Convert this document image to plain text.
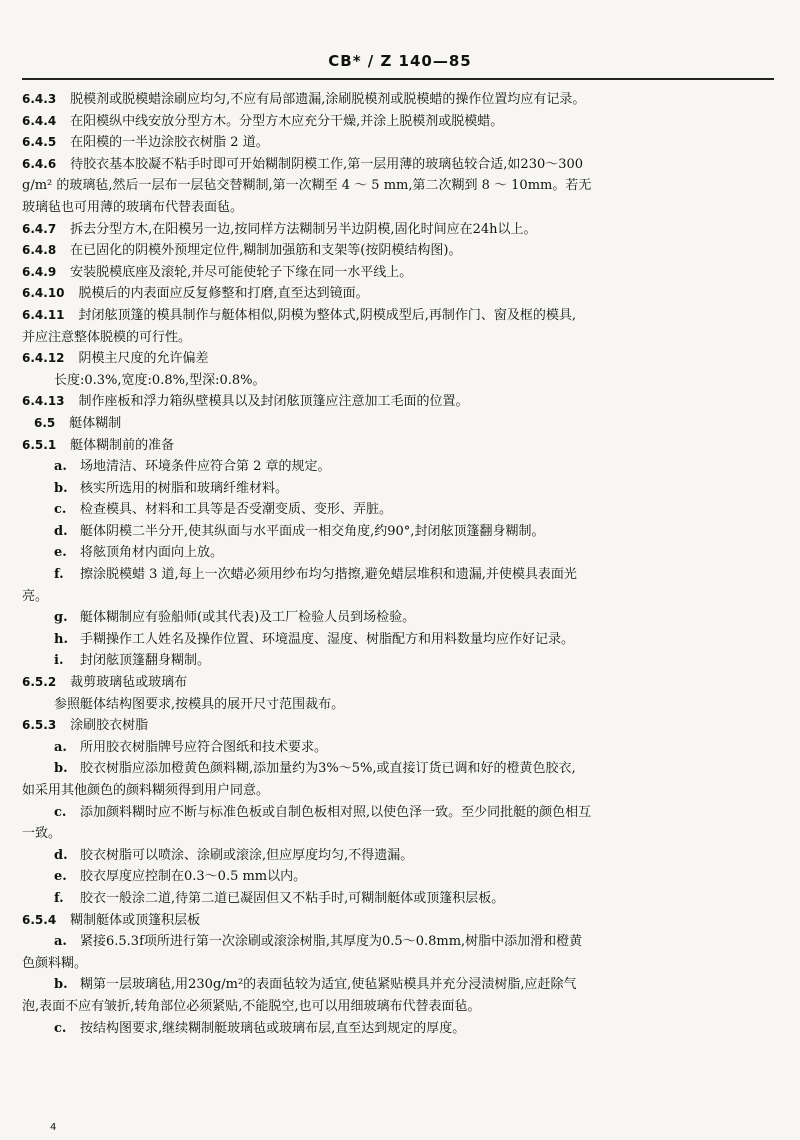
CB* / Z 140—85
6.4.3 脱模剂或脱模蜡涂刷应均匀,不应有局部遗漏,涂刷脱模剂或脱模蜡的操作位置均应有记录。
6.4.4 在阳模纵中线安放分型方木。分型方木应充分干燥,并涂上脱模剂或脱模蜡。
6.4.5 在阳模的一半边涂胶衣树脂 2 道。
6.4.6 待胶衣基本胶凝不粘手时即可开始糊制阴模工作,第一层用薄的玻璃毡较合适,如230～300
g/m² 的玻璃毡,然后一层布一层毡交替糊制,第一次糊至 4 ～ 5 mm,第二次糊到 8 ～ 10mm。若无
玻璃毡也可用薄的玻璃布代替表面毡。
6.4.7 拆去分型方木,在阳模另一边,按同样方法糊制另半边阴模,固化时间应在24h以上。
6.4.8 在已固化的阴模外预埋定位件,糊制加强筋和支架等(按阴模结构图)。
6.4.9 安装脱模底座及滚轮,并尽可能使轮子下缘在同一水平线上。
6.4.10 脱模后的内表面应反复修整和打磨,直至达到镜面。
6.4.11 封闭舷顶篷的模具制作与艇体相似,阴模为整体式,阴模成型后,再制作门、窗及框的模具,
并应注意整体脱模的可行性。
6.4.12 阴模主尺度的允许偏差
长度:0.3%,宽度:0.8%,型深:0.8%。
6.4.13 制作座板和浮力箱纵壁模具以及封闭舷顶篷应注意加工毛面的位置。
6.5 艇体糊制
6.5.1 艇体糊制前的准备
a. 场地清洁、环境条件应符合第 2 章的规定。
b. 核实所选用的树脂和玻璃纤维材料。
c. 检查模具、材料和工具等是否受潮变质、变形、弄脏。
d. 艇体阴模二半分开,使其纵面与水平面成一相交角度,约90°,封闭舷顶篷翻身糊制。
e. 将舷顶角材内面向上放。
f. 擦涂脱模蜡 3 道,每上一次蜡必须用纱布均匀揩擦,避免蜡层堆积和遗漏,并使模具表面光
亮。
g. 艇体糊制应有验船师(或其代表)及工厂检验人员到场检验。
h. 手糊操作工人姓名及操作位置、环境温度、湿度、树脂配方和用料数量均应作好记录。
i. 封闭舷顶篷翻身糊制。
6.5.2 裁剪玻璃毡或玻璃布
参照艇体结构图要求,按模具的展开尺寸范围裁布。
6.5.3 涂刷胶衣树脂
a. 所用胶衣树脂牌号应符合图纸和技术要求。
b. 胶衣树脂应添加橙黄色颜料糊,添加量约为3%～5%,或直接订货已调和好的橙黄色胶衣,
如采用其他颜色的颜料糊须得到用户同意。
c. 添加颜料糊时应不断与标准色板或自制色板相对照,以使色泽一致。至少同批艇的颜色相互
一致。
d. 胶衣树脂可以喷涂、涂刷或滚涂,但应厚度均匀,不得遗漏。
e. 胶衣厚度应控制在0.3～0.5 mm以内。
f. 胶衣一般涂二道,待第二道已凝固但又不粘手时,可糊制艇体或顶篷积层板。
6.5.4 糊制艇体或顶篷积层板
a. 紧接6.5.3f项所进行第一次涂刷或滚涂树脂,其厚度为0.5～0.8mm,树脂中添加滑和橙黄
色颜料糊。
b. 糊第一层玻璃毡,用230g/m²的表面毡较为适宜,使毡紧贴模具并充分浸渍树脂,应赶除气
泡,表面不应有皱折,转角部位必须紧贴,不能脱空,也可以用细玻璃布代替表面毡。
c. 按结构图要求,继续糊制艇玻璃毡或玻璃布层,直至达到规定的厚度。
4
